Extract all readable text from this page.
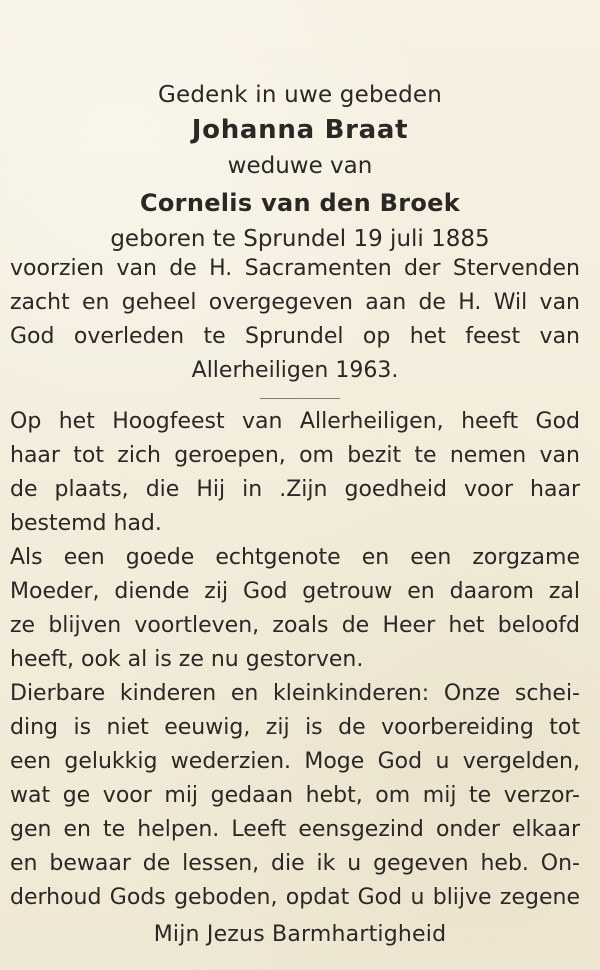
Gedenk in uwe gebeden
Johanna Braat
weduwe van
Cornelis van den Broek
geboren te Sprundel 19 juli 1885
voorzien van de H. Sacramenten der Stervenden
zacht en geheel overgegeven aan de H. Wil van
God overleden te Sprundel op het feest van
Allerheiligen 1963.
Op het Hoogfeest van Allerheiligen, heeft God
haar tot zich geroepen, om bezit te nemen van
de plaats, die Hij in .Zijn goedheid voor haar
bestemd had.
Als een goede echtgenote en een zorgzame
Moeder, diende zij God getrouw en daarom zal
ze blijven voortleven, zoals de Heer het beloofd
heeft, ook al is ze nu gestorven.
Dierbare kinderen en kleinkinderen: Onze schei-
ding is niet eeuwig, zij is de voorbereiding tot
een gelukkig wederzien. Moge God u vergelden,
wat ge voor mij gedaan hebt, om mij te verzor-
gen en te helpen. Leeft eensgezind onder elkaar
en bewaar de lessen, die ik u gegeven heb. On-
derhoud Gods geboden, opdat God u blijve zegene
Mijn Jezus Barmhartigheid
